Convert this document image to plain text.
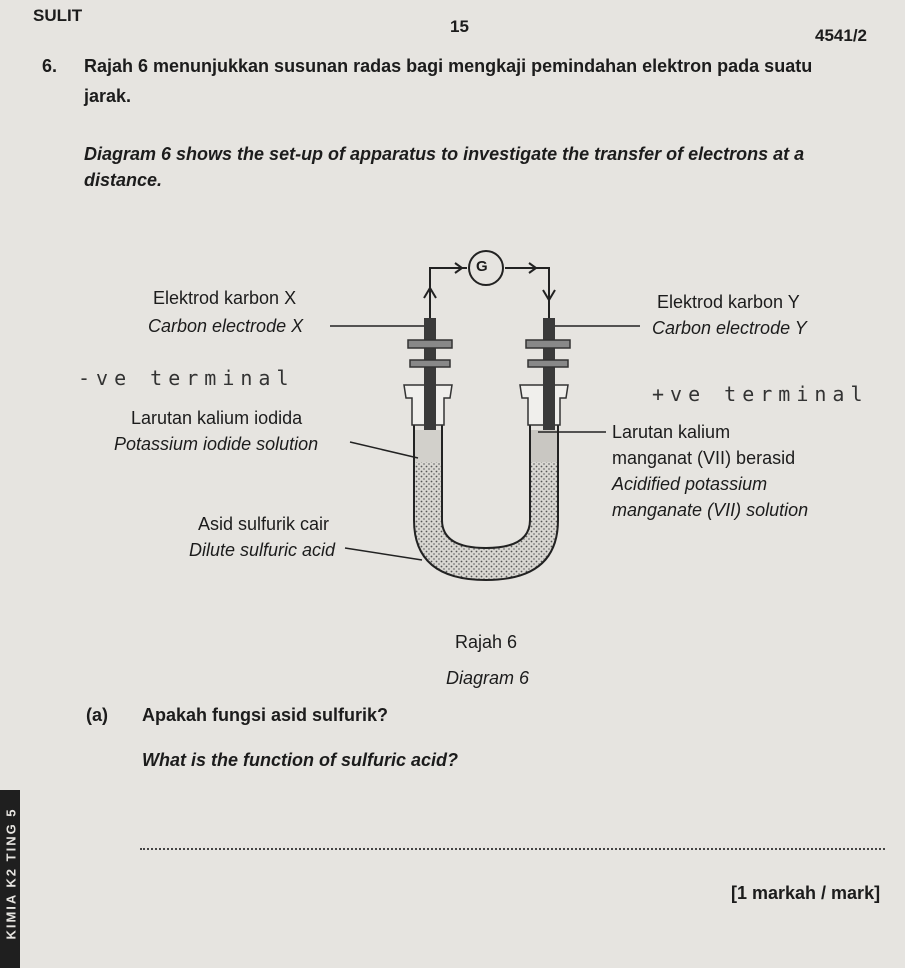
SULIT
15	4541/2
6. Rajah 6 menunjukkan susunan radas bagi mengkaji pemindahan elektron pada suatu
jarak.
Diagram 6 shows the set-up of apparatus to investigate the transfer of electrons at a
distance.
G
Elektrod karbon X
Carbon electrode X
Elektrod karbon Y
Carbon electrode Y
-ve terminal
+ve terminal
Larutan kalium iodida
Potassium iodide solution
Larutan kalium
manganat (VII) berasid
Acidified potassium
manganate (VII) solution
Asid sulfurik cair
Dilute sulfuric acid
Rajah 6
Diagram 6
(a) Apakah fungsi asid sulfurik?
What is the function of sulfuric acid?
[1 markah / mark]
KIMIA K2 TING 5
